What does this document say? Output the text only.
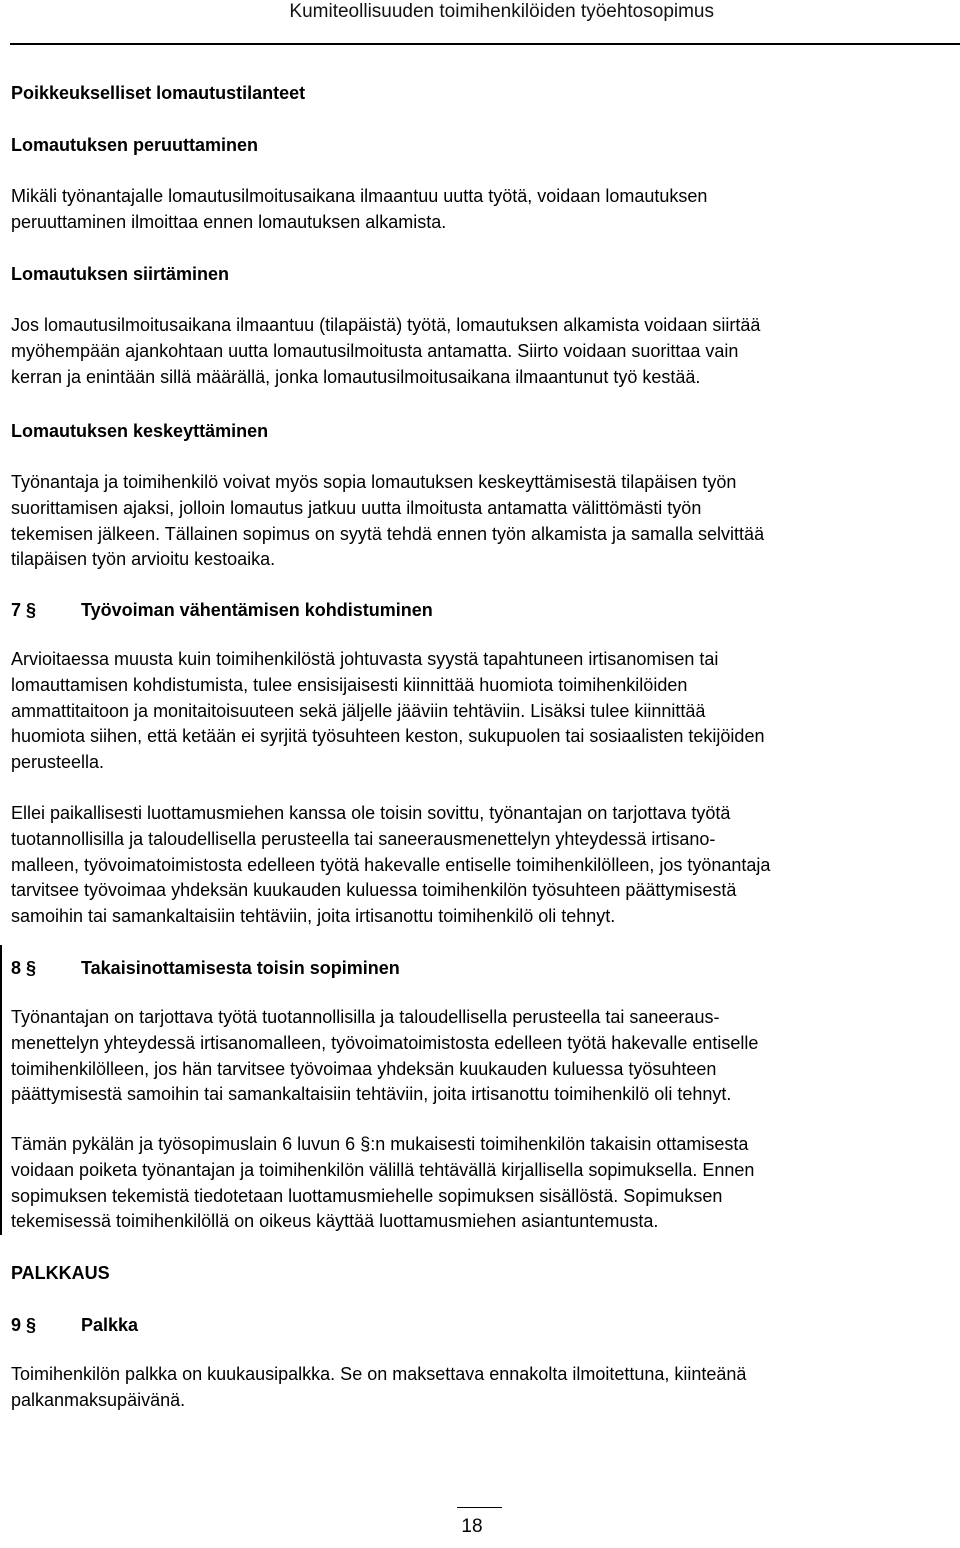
Kumiteollisuuden toimihenkilöiden työehtosopimus
Poikkeukselliset lomautustilanteet
Lomautuksen peruuttaminen
Mikäli työnantajalle lomautusilmoitusaikana ilmaantuu uutta työtä, voidaan lomautuksen
peruuttaminen ilmoittaa ennen lomautuksen alkamista.
Lomautuksen siirtäminen
Jos lomautusilmoitusaikana ilmaantuu (tilapäistä) työtä, lomautuksen alkamista voidaan siirtää
myöhempään ajankohtaan uutta lomautusilmoitusta antamatta. Siirto voidaan suorittaa vain
kerran ja enintään sillä määrällä, jonka lomautusilmoitusaikana ilmaantunut työ kestää.
Lomautuksen keskeyttäminen
Työnantaja ja toimihenkilö voivat myös sopia lomautuksen keskeyttämisestä tilapäisen työn
suorittamisen ajaksi, jolloin lomautus jatkuu uutta ilmoitusta antamatta välittömästi työn
tekemisen jälkeen. Tällainen sopimus on syytä tehdä ennen työn alkamista ja samalla selvittää
tilapäisen työn arvioitu kestoaika.
7 § Työvoiman vähentämisen kohdistuminen
Arvioitaessa muusta kuin toimihenkilöstä johtuvasta syystä tapahtuneen irtisanomisen tai
lomauttamisen kohdistumista, tulee ensisijaisesti kiinnittää huomiota toimihenkilöiden
ammattitaitoon ja monitaitoisuuteen sekä jäljelle jääviin tehtäviin. Lisäksi tulee kiinnittää
huomiota siihen, että ketään ei syrjitä työsuhteen keston, sukupuolen tai sosiaalisten tekijöiden
perusteella.
Ellei paikallisesti luottamusmiehen kanssa ole toisin sovittu, työnantajan on tarjottava työtä
tuotannollisilla ja taloudellisella perusteella tai saneerausmenettelyn yhteydessä irtisano-
malleen, työvoimatoimistosta edelleen työtä hakevalle entiselle toimihenkilölleen, jos työnantaja
tarvitsee työvoimaa yhdeksän kuukauden kuluessa toimihenkilön työsuhteen päättymisestä
samoihin tai samankaltaisiin tehtäviin, joita irtisanottu toimihenkilö oli tehnyt.
8 § Takaisinottamisesta toisin sopiminen
Työnantajan on tarjottava työtä tuotannollisilla ja taloudellisella perusteella tai saneeraus-
menettelyn yhteydessä irtisanomalleen, työvoimatoimistosta edelleen työtä hakevalle entiselle
toimihenkilölleen, jos hän tarvitsee työvoimaa yhdeksän kuukauden kuluessa työsuhteen
päättymisestä samoihin tai samankaltaisiin tehtäviin, joita irtisanottu toimihenkilö oli tehnyt.
Tämän pykälän ja työsopimuslain 6 luvun 6 §:n mukaisesti toimihenkilön takaisin ottamisesta
voidaan poiketa työnantajan ja toimihenkilön välillä tehtävällä kirjallisella sopimuksella. Ennen
sopimuksen tekemistä tiedotetaan luottamusmiehelle sopimuksen sisällöstä. Sopimuksen
tekemisessä toimihenkilöllä on oikeus käyttää luottamusmiehen asiantuntemusta.
PALKKAUS
9 § Palkka
Toimihenkilön palkka on kuukausipalkka. Se on maksettava ennakolta ilmoitettuna, kiinteänä
palkanmaksupäivänä.
18
